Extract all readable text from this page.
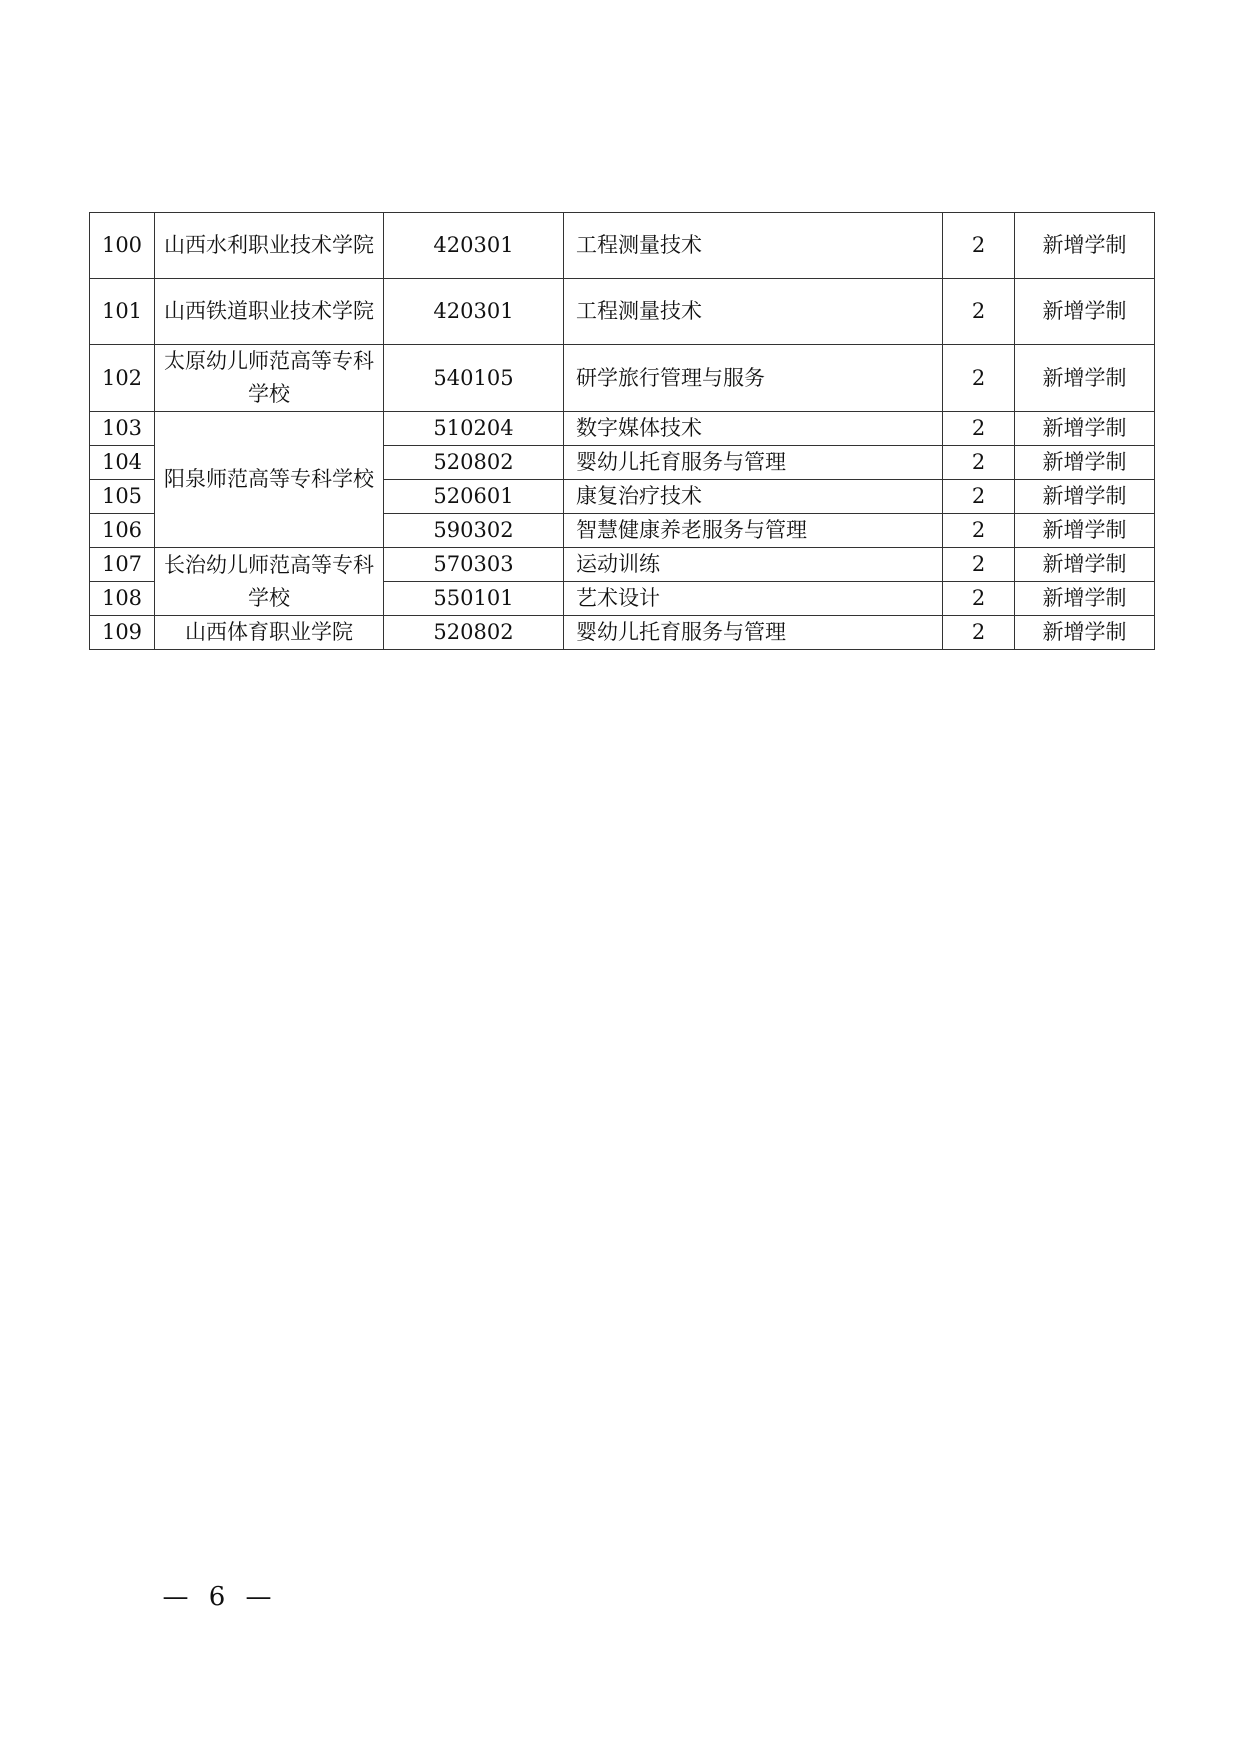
100	山西水利职业技术学院	420301	工程测量技术	2	新增学制
101	山西铁道职业技术学院	420301	工程测量技术	2	新增学制
102	太原幼儿师范高等专科学校	540105	研学旅行管理与服务	2	新增学制
103	阳泉师范高等专科学校	510204	数字媒体技术	2	新增学制
104		520802	婴幼儿托育服务与管理	2	新增学制
105		520601	康复治疗技术	2	新增学制
106		590302	智慧健康养老服务与管理	2	新增学制
107	长治幼儿师范高等专科学校	570303	运动训练	2	新增学制
108		550101	艺术设计	2	新增学制
109	山西体育职业学院	520802	婴幼儿托育服务与管理	2	新增学制
— 6 —
